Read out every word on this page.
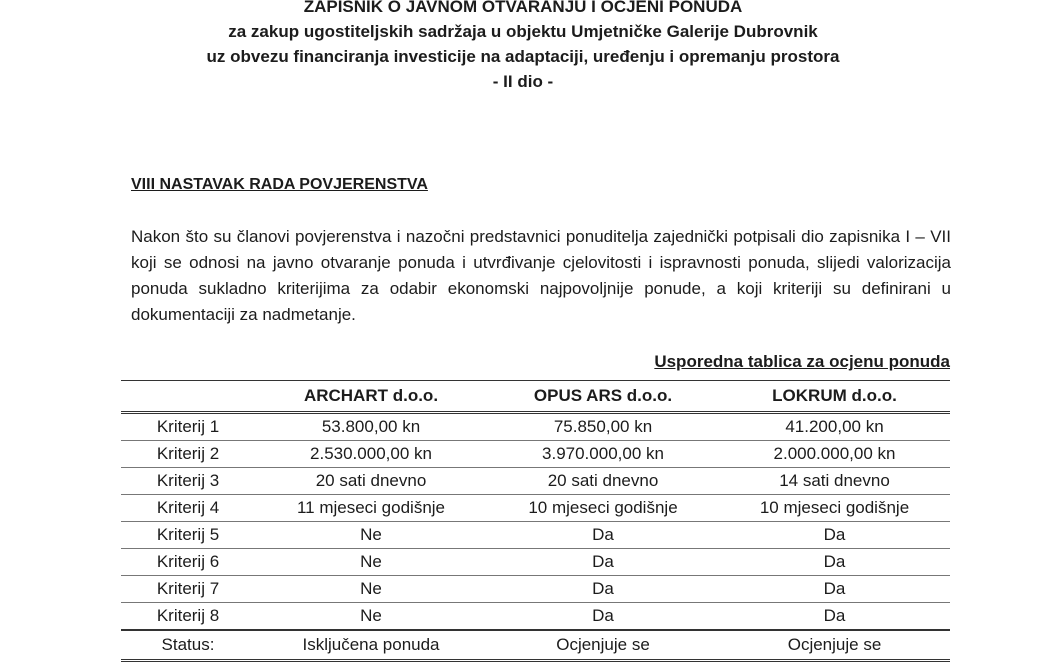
ZAPISNIK O JAVNOM OTVARANJU I OCJENI PONUDA
za zakup ugostiteljskih sadržaja u objektu Umjetničke Galerije Dubrovnik
uz obvezu financiranja investicije na adaptaciji, uređenju i opremanju prostora
- II dio -
VIII NASTAVAK RADA POVJERENSTVA
Nakon što su članovi povjerenstva i nazočni predstavnici ponuditelja zajednički potpisali dio zapisnika I – VII koji se odnosi na javno otvaranje ponuda i utvrđivanje cjelovitosti i ispravnosti ponuda, slijedi valorizacija ponuda sukladno kriterijima za odabir ekonomski najpovoljnije ponude, a koji kriteriji su definirani u dokumentaciji za nadmetanje.
Usporedna tablica za ocjenu ponuda
	ARCHART d.o.o.	OPUS ARS d.o.o.	LOKRUM d.o.o.
Kriterij 1	53.800,00 kn	75.850,00 kn	41.200,00 kn
Kriterij 2	2.530.000,00 kn	3.970.000,00 kn	2.000.000,00 kn
Kriterij 3	20 sati dnevno	20 sati dnevno	14 sati dnevno
Kriterij 4	11 mjeseci godišnje	10 mjeseci godišnje	10 mjeseci godišnje
Kriterij 5	Ne	Da	Da
Kriterij 6	Ne	Da	Da
Kriterij 7	Ne	Da	Da
Kriterij 8	Ne	Da	Da
Status:	Isključena ponuda	Ocjenjuje se	Ocjenjuje se
